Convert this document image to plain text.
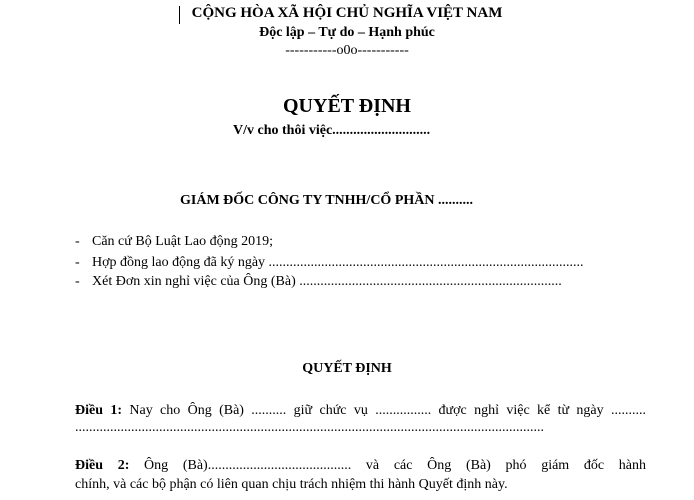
CỘNG HÒA XÃ HỘI CHỦ NGHĨA VIỆT NAM
Độc lập – Tự do – Hạnh phúc
-----------o0o-----------
QUYẾT ĐỊNH
V/v cho thôi việc............................
GIÁM ĐỐC CÔNG TY TNHH/CỔ PHẦN ..........
- Căn cứ Bộ Luật Lao động 2019;
- Hợp đồng lao động đã ký ngày ..........................................................................................
- Xét Đơn xin nghỉ việc của Ông (Bà) ...........................................................................
QUYẾT ĐỊNH
Điều 1: Nay cho Ông (Bà) .......... giữ chức vụ ................ được nghỉ việc kể từ ngày ..........
......................................................................................................................................
Điều 2: Ông (Bà)......................................... và các Ông (Bà) phó giám đốc hành
chính, và các bộ phận có liên quan chịu trách nhiệm thi hành Quyết định này.
